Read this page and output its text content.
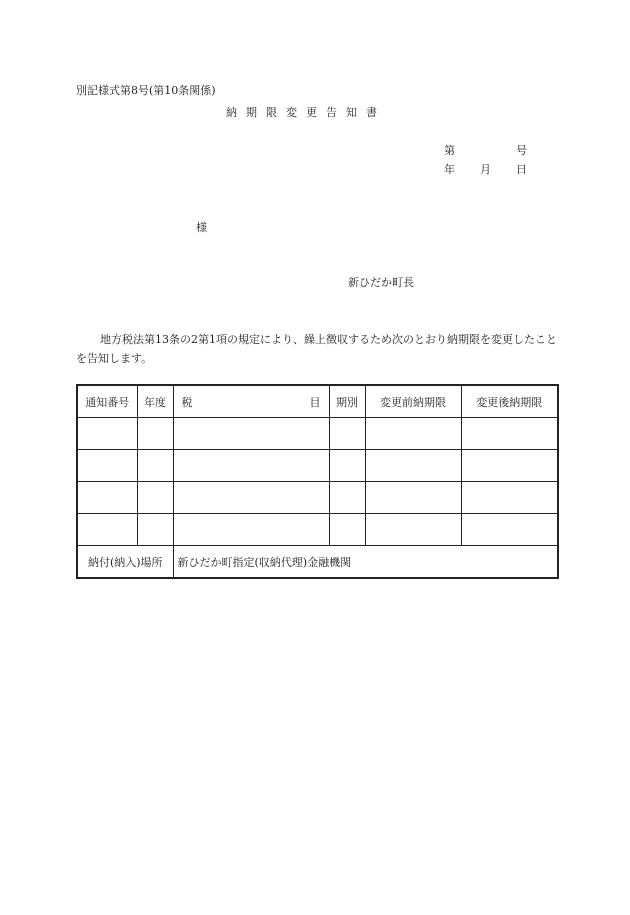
別記様式第8号(第10条関係)
納期限変更告知書
第	号
年 月 日
様
新ひだか町長
地方税法第13条の2第1項の規定により、繰上徴収するため次のとおり納期限を変更したことを告知します。
通知番号	年度	税 目	期別	変更前納期限	変更後納期限

納付(納入)場所		新ひだか町指定(収納代理)金融機関			
